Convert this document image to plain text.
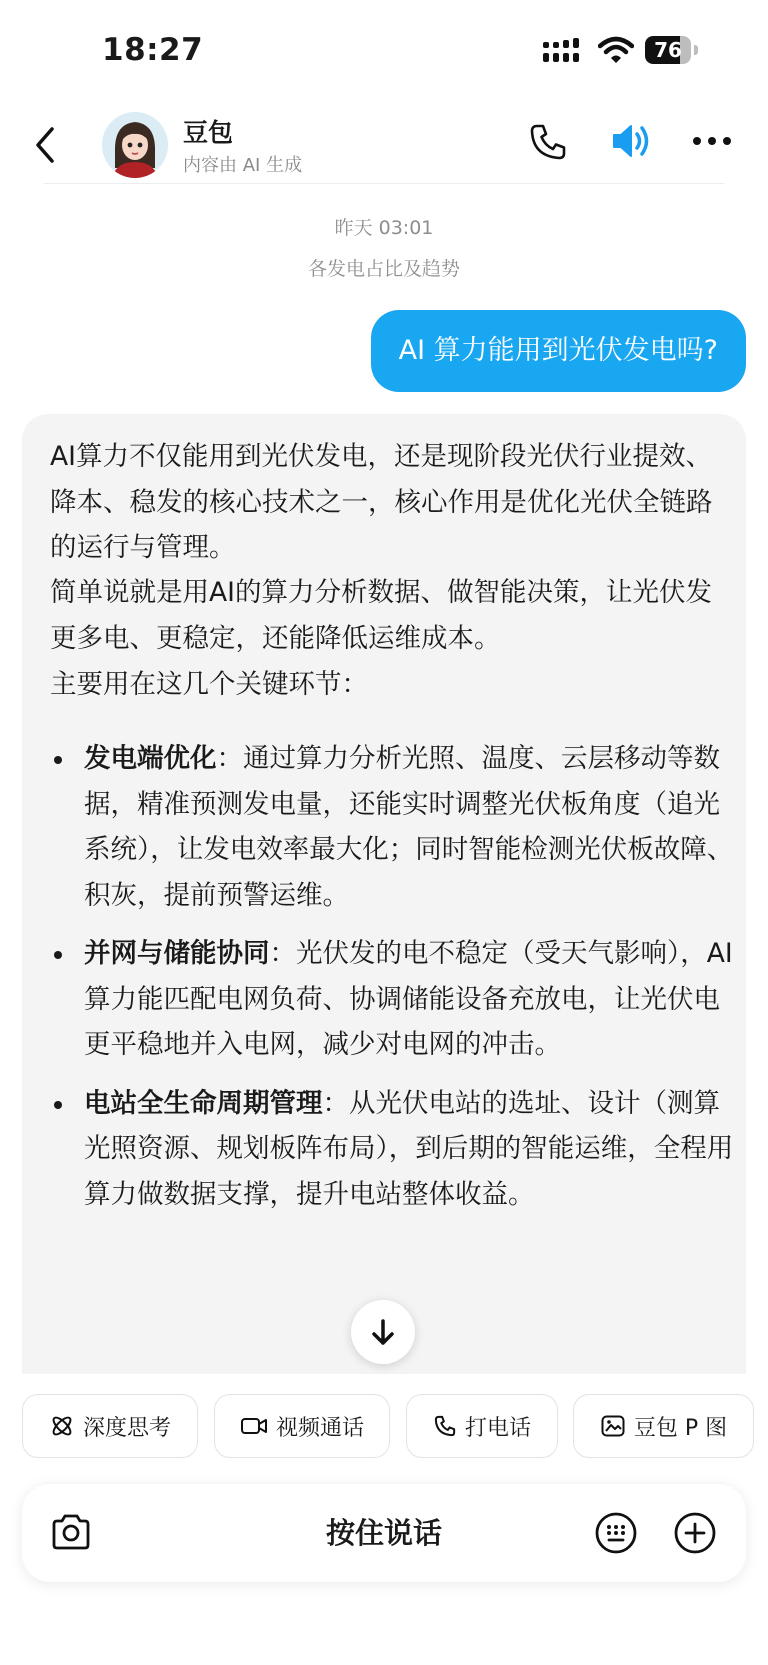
18:27	76
豆包
内容由 AI 生成
昨天 03:01
各发电占比及趋势
AI 算力能用到光伏发电吗?

AI算力不仅能用到光伏发电，还是现阶段光伏行业提效、降本、稳发的核心技术之一，核心作用是优化光伏全链路的运行与管理。

简单说就是用AI的算力分析数据、做智能决策，让光伏发更多电、更稳定，还能降低运维成本。

主要用在这几个关键环节：

发电端优化：通过算力分析光照、温度、云层移动等数据，精准预测发电量，还能实时调整光伏板角度（追光系统），让发电效率最大化；同时智能检测光伏板故障、积灰，提前预警运维。
并网与储能协同：光伏发的电不稳定（受天气影响），AI算力能匹配电网负荷、协调储能设备充放电，让光伏电更平稳地并入电网，减少对电网的冲击。
电站全生命周期管理：从光伏电站的选址、设计（测算光照资源、规划板阵布局），到后期的智能运维，全程用算力做数据支撑，提升电站整体收益。
深度思考	视频通话	打电话	豆包 P 图
按住说话
